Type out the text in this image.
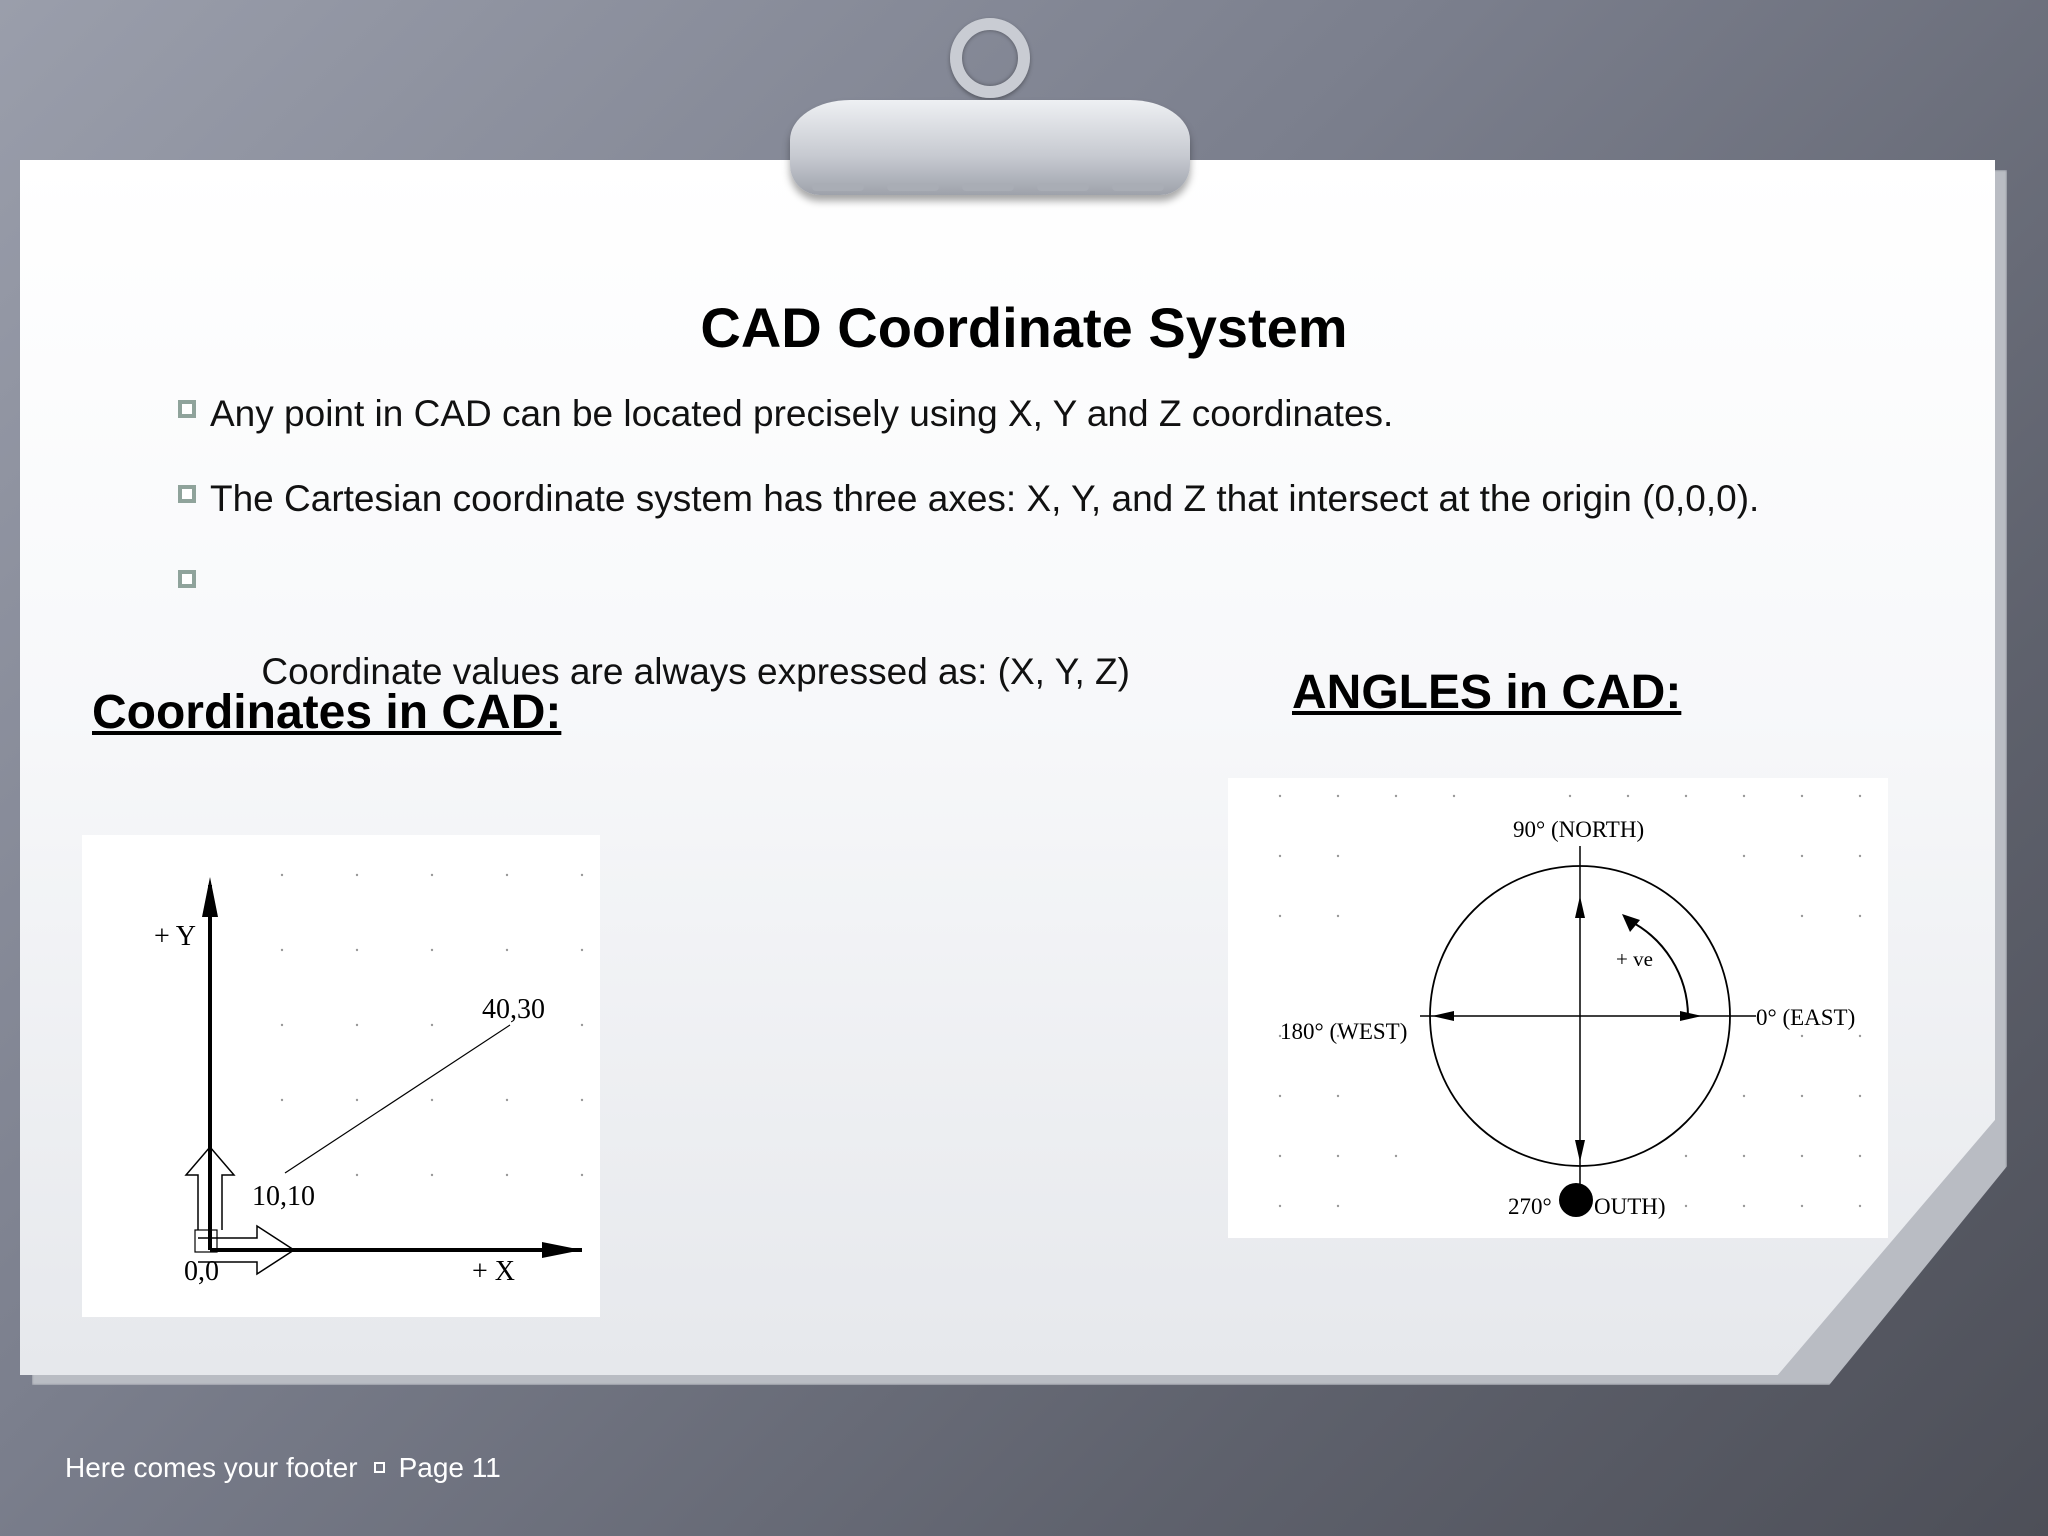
CAD Coordinate System
Any point in CAD can be located precisely using X, Y and Z coordinates.
The Cartesian coordinate system has three axes: X, Y, and Z that intersect at the origin (0,0,0).

Coordinate values are always expressed as: (X, Y, Z)

Coordinates in CAD:	ANGLES in CAD:
+ Y
+ X
0,0
10,10
40,30
90° (NORTH)
0° (EAST)
180° (WEST)
270° OUTH)
+ ve
Here comes your footer Page 11
